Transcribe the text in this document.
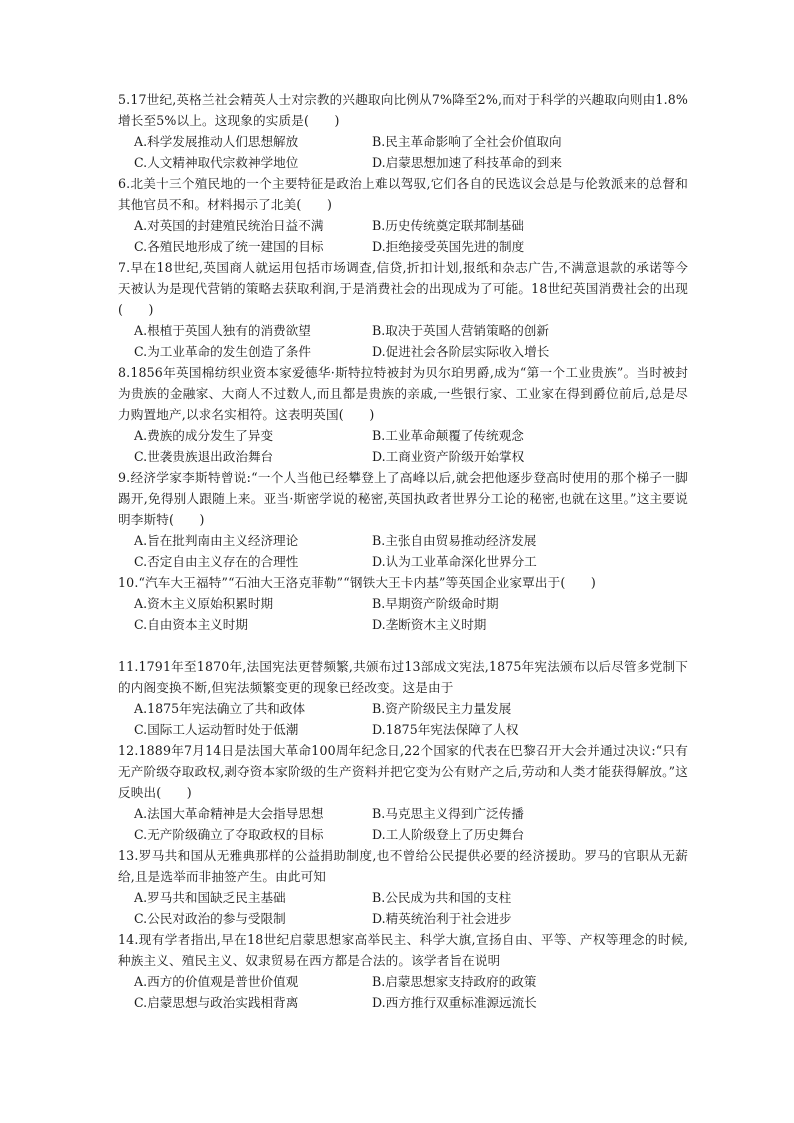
5.17世纪,英格兰社会精英人士对宗教的兴趣取向比例从7%降至2%,而对于科学的兴趣取向则由1.8%增长至5%以上。这现象的实质是(　　)
A.科学发展推动人们思想解放	B.民主革命影响了全社会价值取向
C.人文精神取代宗救神学地位	D.启蒙思想加速了科技革命的到来
6.北美十三个殖民地的一个主要特征是政治上难以驾驭,它们各自的民选议会总是与伦敦派来的总督和其他官员不和。材料揭示了北美(　　)
A.对英国的封建殖民统治日益不满	B.历史传统奠定联邦制基础
C.各殖民地形成了统一建国的目标	D.拒绝接受英国先进的制度
7.早在18世纪,英国商人就运用包括市场调查,信贷,折扣计划,报纸和杂志广告,不满意退款的承诺等今天被认为是现代营销的策略去获取利润,于是消费社会的出现成为了可能。18世纪英国消费社会的出现(　　)
A.根植于英国人独有的消费欲望	B.取决于英国人营销策略的创新
C.为工业革命的发生创造了条件	D.促进社会各阶层实际收入增长
8.1856年英国棉纺织业资本家爱德华·斯特拉特被封为贝尔珀男爵,成为“第一个工业贵族”。当时被封为贵族的金融家、大商人不过数人,而且都是贵族的亲戚,一些银行家、工业家在得到爵位前后,总是尽力购置地产,以求名实相符。这表明英国(　　)
A.费族的成分发生了异变	B.工业革命颠覆了传统观念
C.世袭贵族退出政治舞台	D.工商业资产阶级开始掌权
9.经济学家李斯特曾说:“一个人当他已经攀登上了高峰以后,就会把他逐步登高时使用的那个梯子一脚踢开,免得别人跟随上来。亚当·斯密学说的秘密,英国执政者世界分工论的秘密,也就在这里。”这主要说明李斯特(　　)
A.旨在批判南由主义经济理论	B.主张自由贸易推动经济发展
C.否定自由主义存在的合理性	D.认为工业革命深化世界分工
10.“汽车大王福特”“石油大王洛克菲勒”“钢铁大王卡内基”等英国企业家覃出于(　　)
A.资木主义原始积累时期	B.早期资产阶级命时期
C.自由资本主义时期	D.垄断资木主义时期
11.1791年至1870年,法国宪法更替频繁,共颁布过13部成文宪法,1875年宪法颁布以后尽管多党制下的内阁变换不断,但宪法频繁变更的现象已经改变。这是由于
A.1875年宪法确立了共和政体	B.资产阶级民主力量发展
C.国际工人运动暂时处于低潮	D.1875年宪法保障了人权
12.1889年7月14日是法国大革命100周年纪念日,22个国家的代表在巴黎召开大会并通过决议:“只有无产阶级夺取政权,剥夺资本家阶级的生产资料并把它变为公有财产之后,劳动和人类才能获得解放。”这反映出(　　)
A.法国大革命精神是大会指导思想	B.马克思主义得到广泛传播
C.无产阶级确立了夺取政权的目标	D.工人阶级登上了历史舞台
13.罗马共和国从无雅典那样的公益捐助制度,也不曾给公民提供必要的经济援助。罗马的官职从无薪给,且是选举而非抽签产生。由此可知
A.罗马共和国缺乏民主基础	B.公民成为共和国的支柱
C.公民对政治的参与受限制	D.精英统治利于社会进步
14.现有学者指出,早在18世纪启蒙思想家高举民主、科学大旗,宣扬自由、平等、产权等理念的时候,种族主义、殖民主义、奴隶贸易在西方都是合法的。该学者旨在说明
A.西方的价值观是普世价值观	B.启蒙思想家支持政府的政策
C.启蒙思想与政治实践相背离	D.西方推行双重标准源远流长
